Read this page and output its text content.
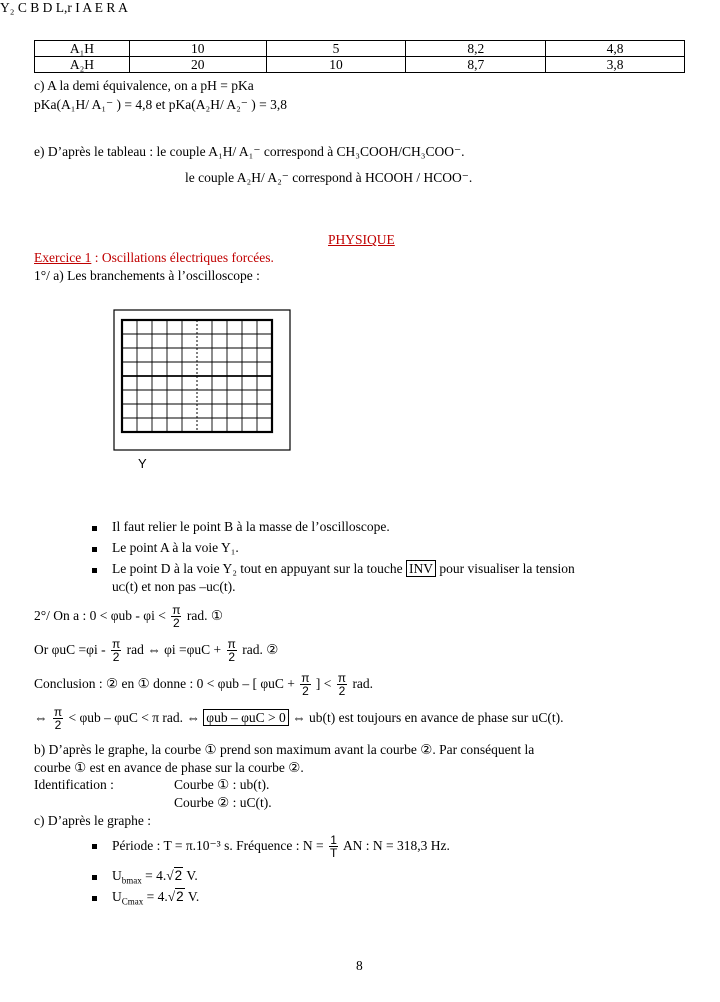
A₁H	10	5	8,2	4,8
A₂H	20	10	8,7	3,8
c) A la demi équivalence, on a pH = pKa
pKa(A₁H/ A₁⁻ ) = 4,8 et pKa(A₂H/ A₂⁻ ) = 3,8
e) D’après le tableau : le couple A₁H/ A₁⁻ correspond à CH₃COOH/CH₃COO⁻.
le couple A₂H/ A₂⁻ correspond à HCOOH / HCOO⁻.
PHYSIQUE
Exercice 1 : Oscillations électriques forcées.
1°/ a) Les branchements à l’oscilloscope :
Y
Y₂ C B D L,r I A E R A
Il faut relier le point B à la masse de l’oscilloscope.
Le point A à la voie Y₁.
Le point D à la voie Y₂ tout en appuyant sur la touche INV pour visualiser la tension
uᴄ(t) et non pas –uᴄ(t).
2°/ On a : $0 < \varphi ub - \varphi i < \frac{\pi}{2}$ rad. ①
Or $\varphi uC =\varphi i - \frac{\pi}{2}$ rad ⇔ $\varphi i =\varphi uC + \frac{\pi}{2}$ rad. ②
Conclusion : ② en ① donne : 0 < φub – [ $\varphi uC + \frac{\pi}{2}$ ] < $\frac{\pi}{2}$ rad.
⇔ $\frac{\pi}{2} < \varphi ub - \varphi uC < \pi$ rad. ⇔ φub – φuC > 0 ⇔ ub(t) est toujours en avance de phase sur uC(t).
b) D’après le graphe, la courbe ① prend son maximum avant la courbe ②. Par conséquent la
courbe ① est en avance de phase sur la courbe ②.
Identification :	Courbe ① : ub(t).
Courbe ② : uC(t).
c) D’après le graphe :
Période : T = π.10⁻³ s. Fréquence : $N = \frac{1}{T}$ AN : N = 318,3 Hz.
$U_{bmax} = 4.√2$ V.
$U_{Cmax} = 4.√2$ V.
8
